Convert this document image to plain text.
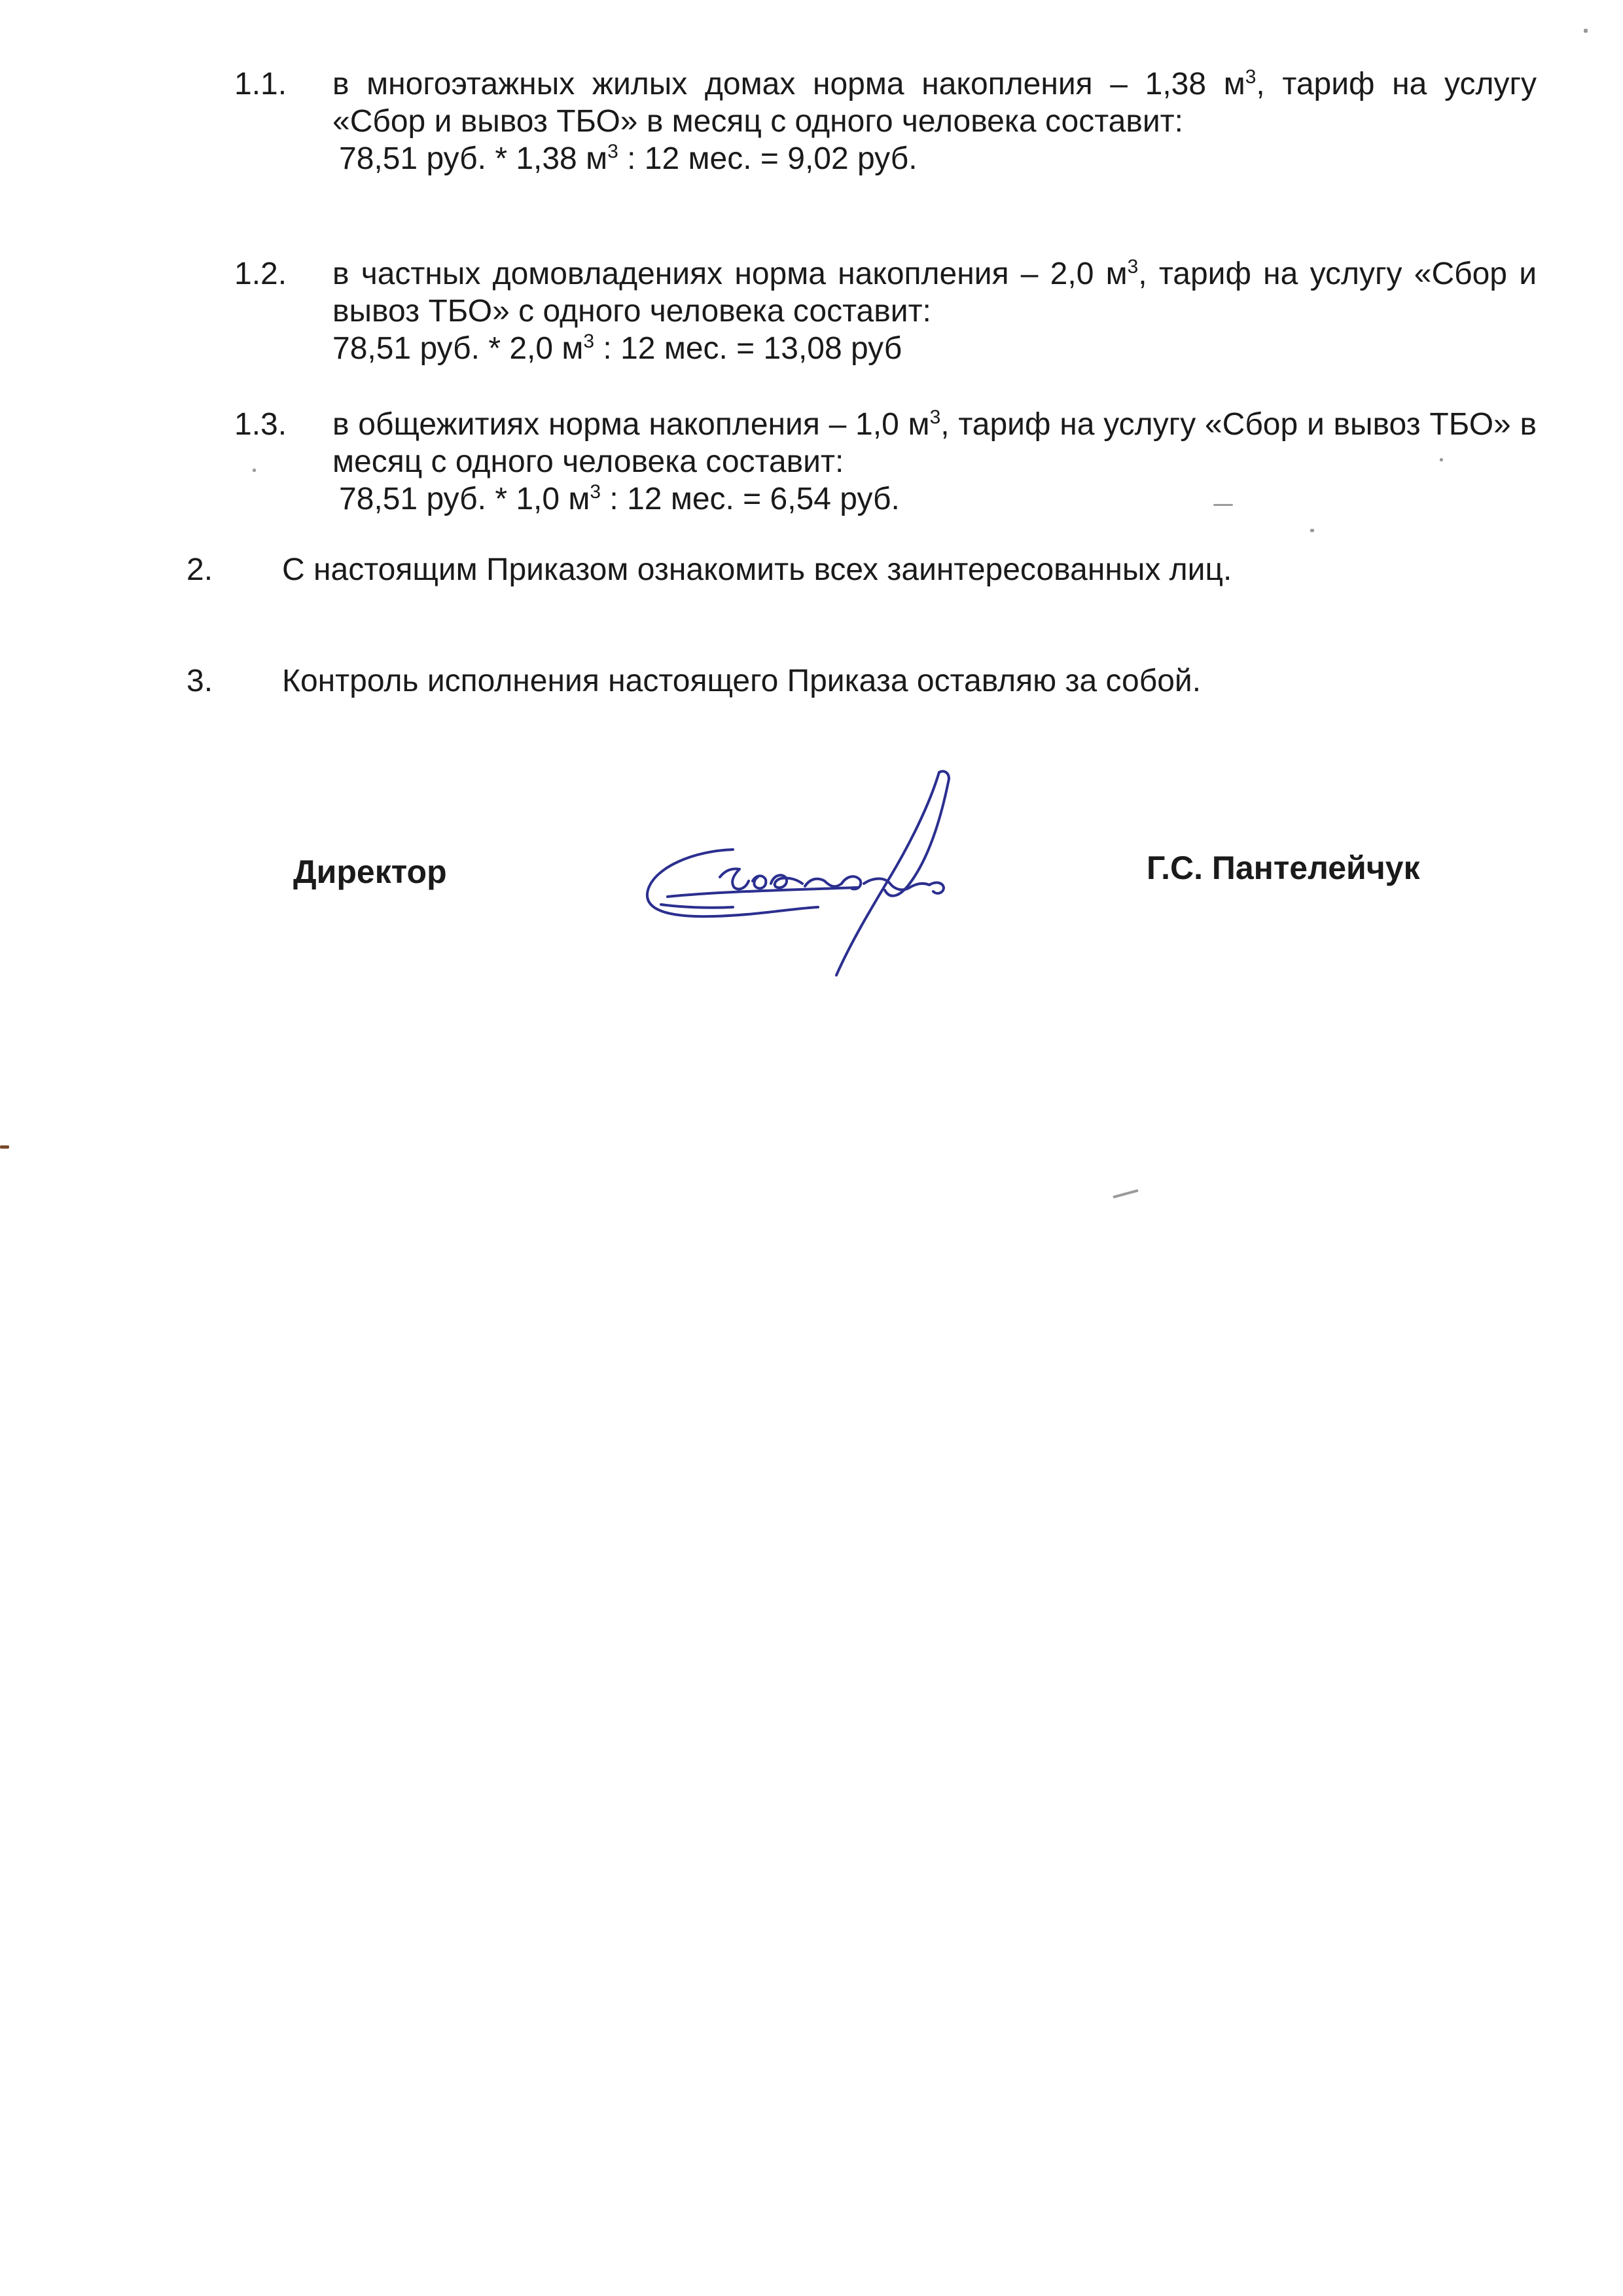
1.1.	в многоэтажных жилых домах норма накопления – 1,38 $м^3$, тариф на услугу «Сбор и вывоз ТБО» в месяц с одного человека составит:
78,51 руб. * 1,38 $м^3$ : 12 мес. = 9,02 руб.
1.2.	в частных домовладениях норма накопления – 2,0 $м^3$, тариф на услугу «Сбор и вывоз ТБО» с одного человека составит:
78,51 руб. * 2,0 $м^3$ : 12 мес. = 13,08 руб
1.3.	в общежитиях норма накопления – 1,0 $м^3$, тариф на услугу «Сбор и вывоз ТБО» в месяц с одного человека составит:
78,51 руб. * 1,0 $м^3$ : 12 мес. = 6,54 руб.
2. С настоящим Приказом ознакомить всех заинтересованных лиц.
3. Контроль исполнения настоящего Приказа оставляю за собой.
Директор	Г.С. Пантелейчук
